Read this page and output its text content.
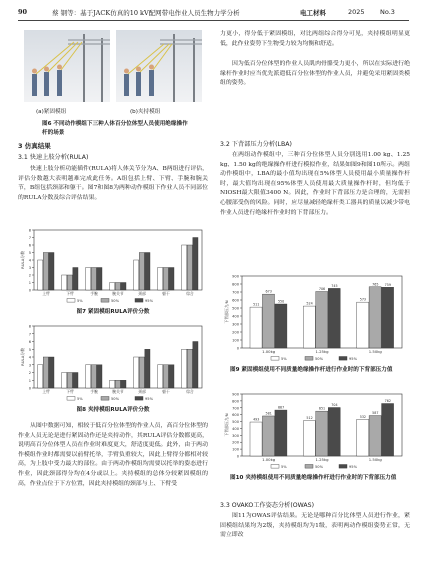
90	蔡 钢等：基于JACK仿真的10 kV配网带电作业人员生物力学分析	电工材料	2025 No.3
(a)紧固模组	(b)夹持模组
图6 不同动作模组下三种人体百分位体型人员使用绝缘操作杆的场景
3 仿真结果
3.1 快速上肢分析(RULA)

快速上肢分析功能插件(RULA)将人体关节分为A、B两组进行评估，评估分数越大表明越难完成此任务。A组包括上臂、下臂、手腕和腕关节，B组包括颈部和躯干。图7和图8为两种动作模组下作业人员不同部位的RULA分数及综合评估结果。

0
1
2
3
4
5
6
7
8
RULA分数
上臂	下臂	手腕	腕关节	颈部	躯干	综合
5%	50%	95%
图7 紧固模组RULA评价分数
0
1
2
3
4
5
6
7
8
RULA分数
上臂	下臂	手腕	腕关节	颈部	躯干	综合
5%	50%	95%
图8 夹持模组RULA评价分数

从图中数据可知，相较于低百分位体型的作业人员，高百分位体型的作业人员无论是进行紧固动作还是夹持动作，其RULA评估分数都更高，说明高百分位体型人员在作业时难度更大，舒适度更低。此外，由于两动作模组作业时都需要以前臂托举，手臂负重较大，因此上臂得分都相对较高，为上肢中受力最大的部位。由于两动作模组均需要以托举的姿态进行作业，因此颈部得分均在4分或以上。夹持模组的总体分较紧固模组的高，作业点位于下方位置，因此夹持模组的颈部与上、下臂受

力更小，得分低于紧固模组，对比两组综合得分可见，夹持模组明显更低，此作业姿势下生物受力较为均衡和舒适。

因为低百分位体型的作业人员肌肉骨骼受力更小，所以在实际进行绝缘杆作业时应当优先派遣低百分位体型的作业人员，并避免采用紧固类模组的姿势。

3.2 下背部压力分析(LBA)

在两组动作模组中，三种百分位体型人员分别选用1.00 kg、1.25 kg、1.50 kg的绝缘操作杆进行模拟作业，结果如图9和图10所示。两组动作模组中，LBA的最小值均出现在5%体型人员使用最小质量操作杆时，最大值均出现在95%体型人员使用最大质量操作杆时，但均低于NIOSH最大限值3400 N。因此，作业时下背部压力是合理的，无需担心腰部受伤的风险。同时，应尽量减轻绝缘杆类工器具的质量以减少带电作业人员进行绝缘杆作业时的下背部压力。

0
100
200
300
400
500
600
700
800
900
下背部压力/N	511
673
550
1.00kg
524
706
745
1.25kg
573
765 759
1.50kg
5%	50%	95%
图9 紧固模组使用不同质量绝缘操作杆进行作业时的下背部压力值
0
100
200
300
400
500
600
700
800
900
下背部压力/N	493
581
667
1.00kg
512
651
704
1.25kg
532
587
762
1.50kg
5%	50%	95%
图10 夹持模组使用不同质量绝缘操作杆进行作业时的下背部压力值
3.3 OVAKO工作姿态分析(OWAS)

图11为OWAS评估结果。无论是哪种百分比体型人员进行作业，紧固模组结果均为2级，夹持模组均为1级，表明两动作模组姿势正常，无需立即改
